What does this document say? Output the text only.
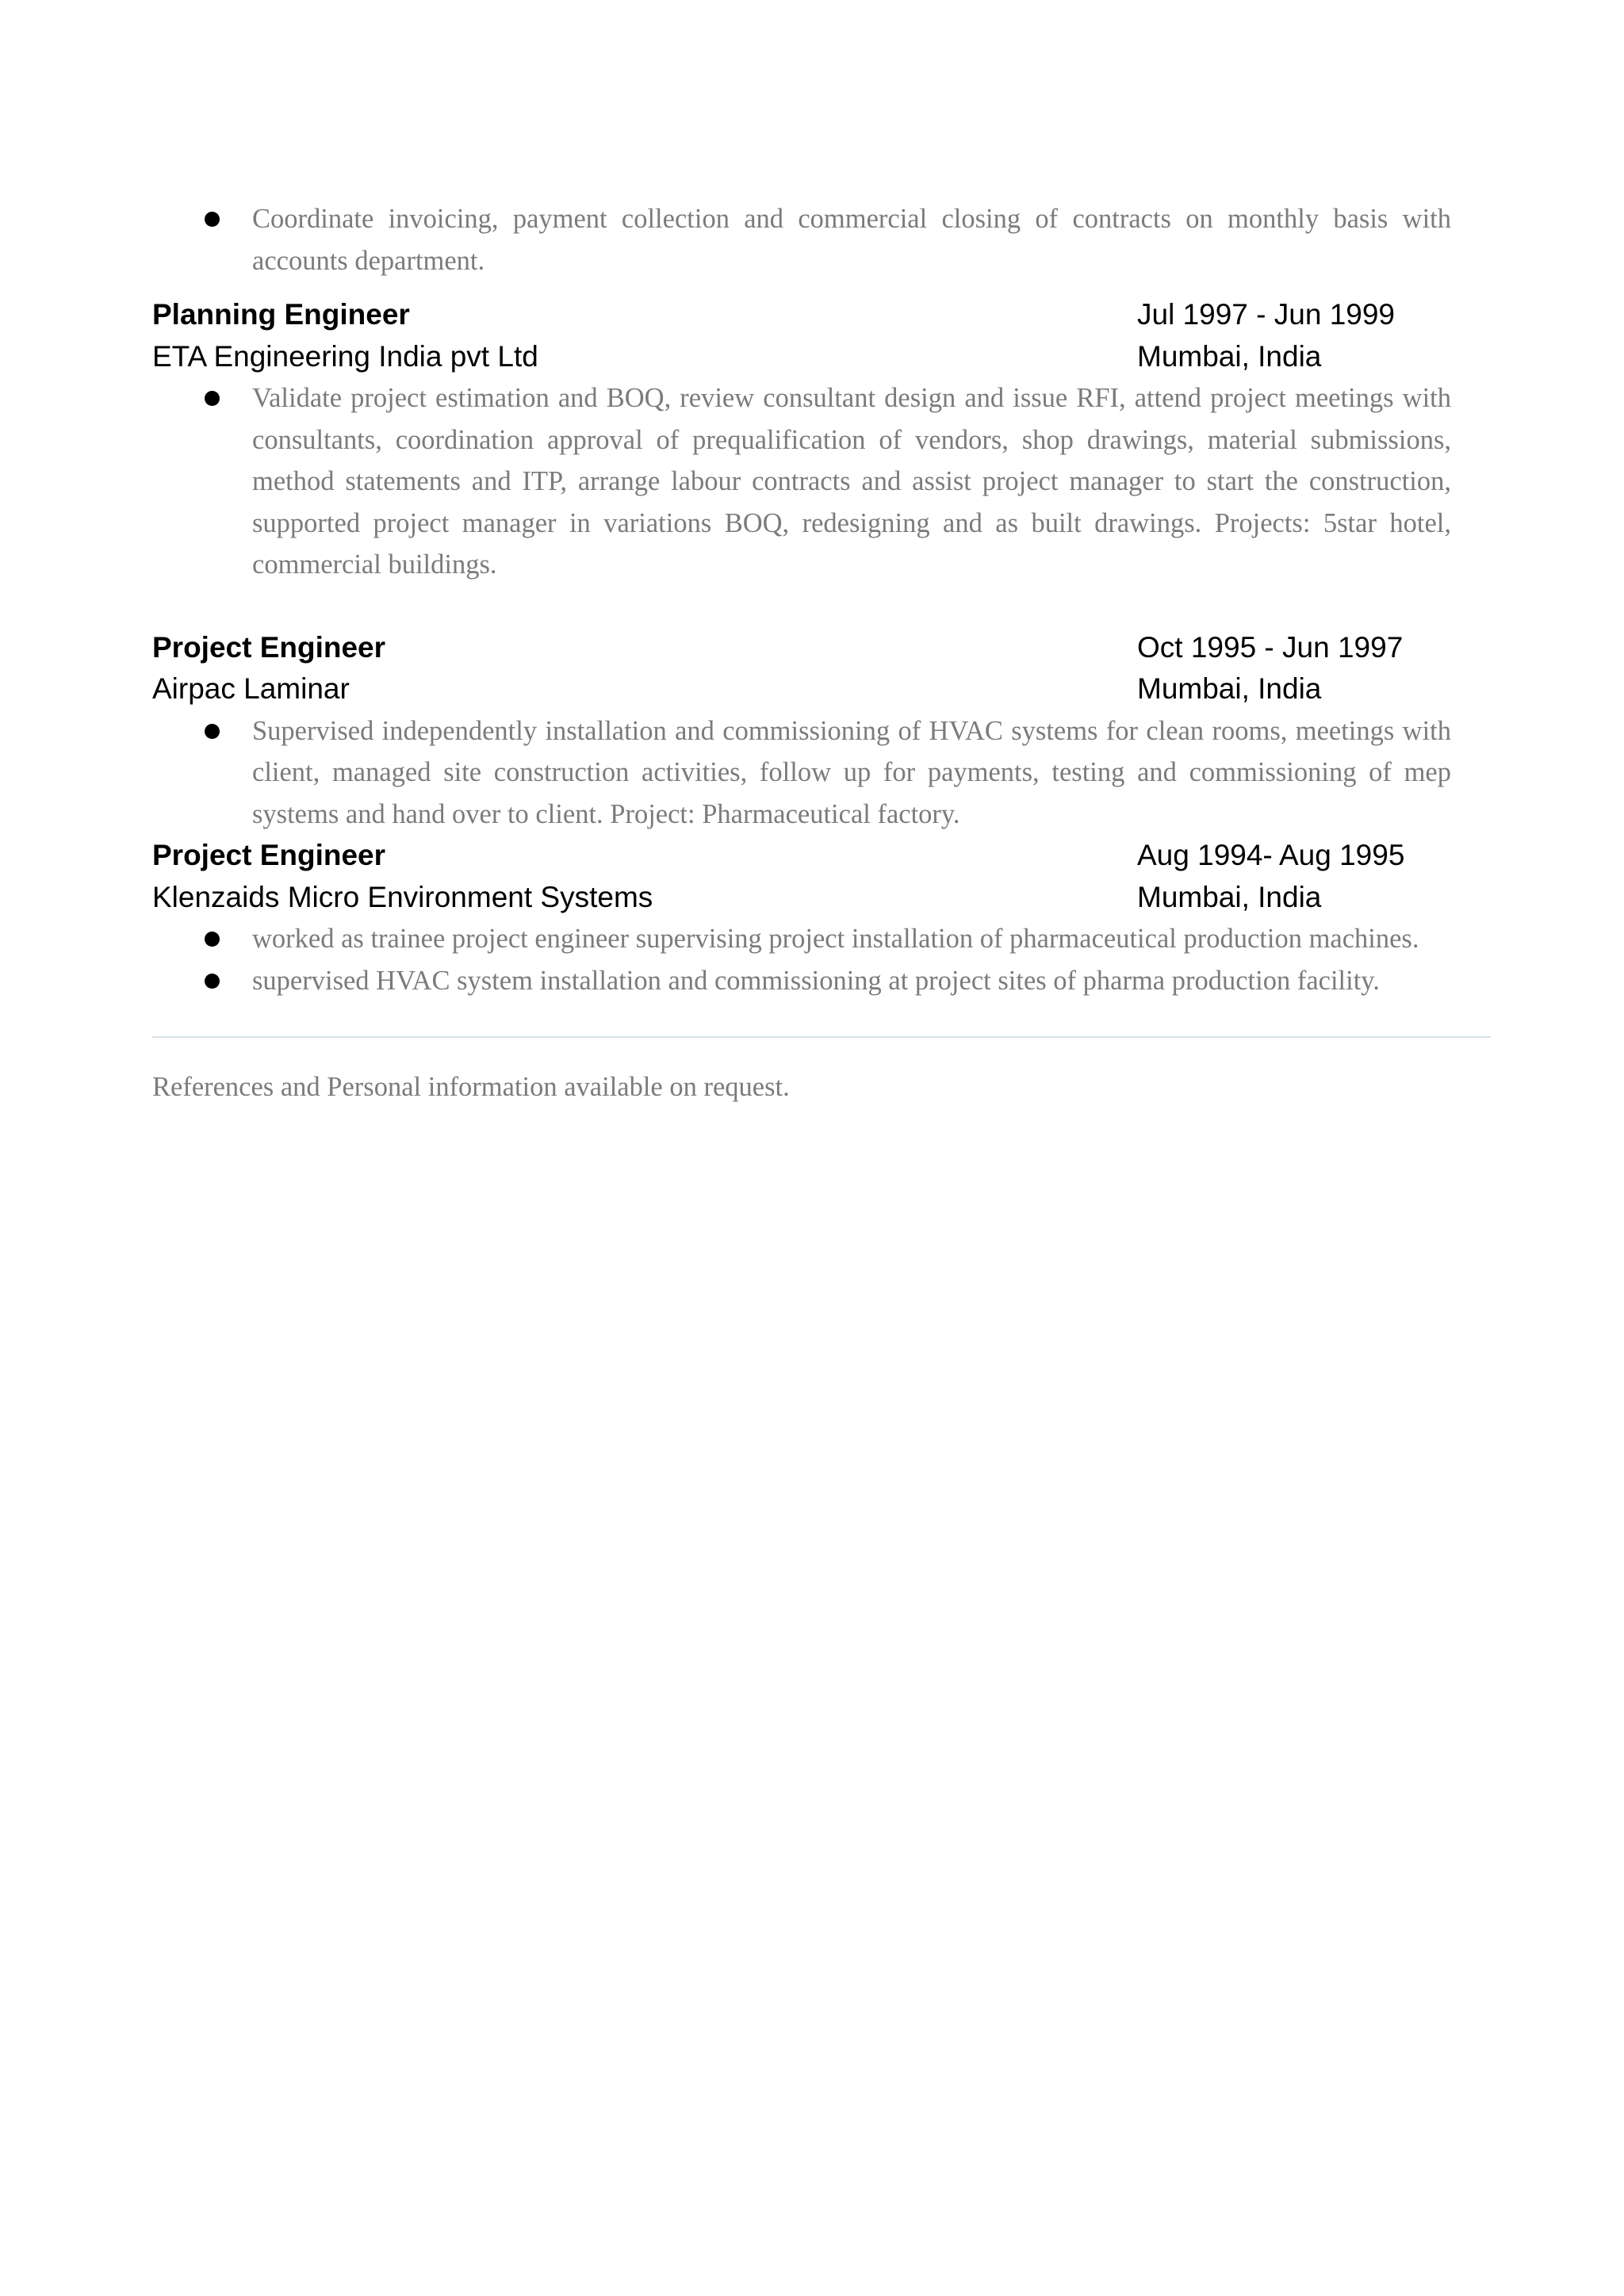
Coordinate invoicing, payment collection and commercial closing of contracts on monthly basis with accounts department.
Planning Engineer	Jul 1997 - Jun 1999
ETA Engineering India pvt Ltd	Mumbai, India
Validate project estimation and BOQ, review consultant design and issue RFI, attend project meetings with consultants, coordination approval of prequalification of vendors, shop drawings, material submissions, method statements and ITP, arrange labour contracts and assist project manager to start the construction, supported project manager in variations BOQ, redesigning and as built drawings. Projects: 5star hotel, commercial buildings.
Project Engineer	Oct 1995 - Jun 1997
Airpac Laminar	Mumbai, India
Supervised independently installation and commissioning of HVAC systems for clean rooms, meetings with client, managed site construction activities, follow up for payments, testing and commissioning of mep systems and hand over to client. Project: Pharmaceutical factory.
Project Engineer	Aug 1994- Aug 1995
Klenzaids Micro Environment Systems	Mumbai, India
worked as trainee project engineer supervising project installation of pharmaceutical production machines.
supervised HVAC system installation and commissioning at project sites of pharma production facility.
References and Personal information available on request.
